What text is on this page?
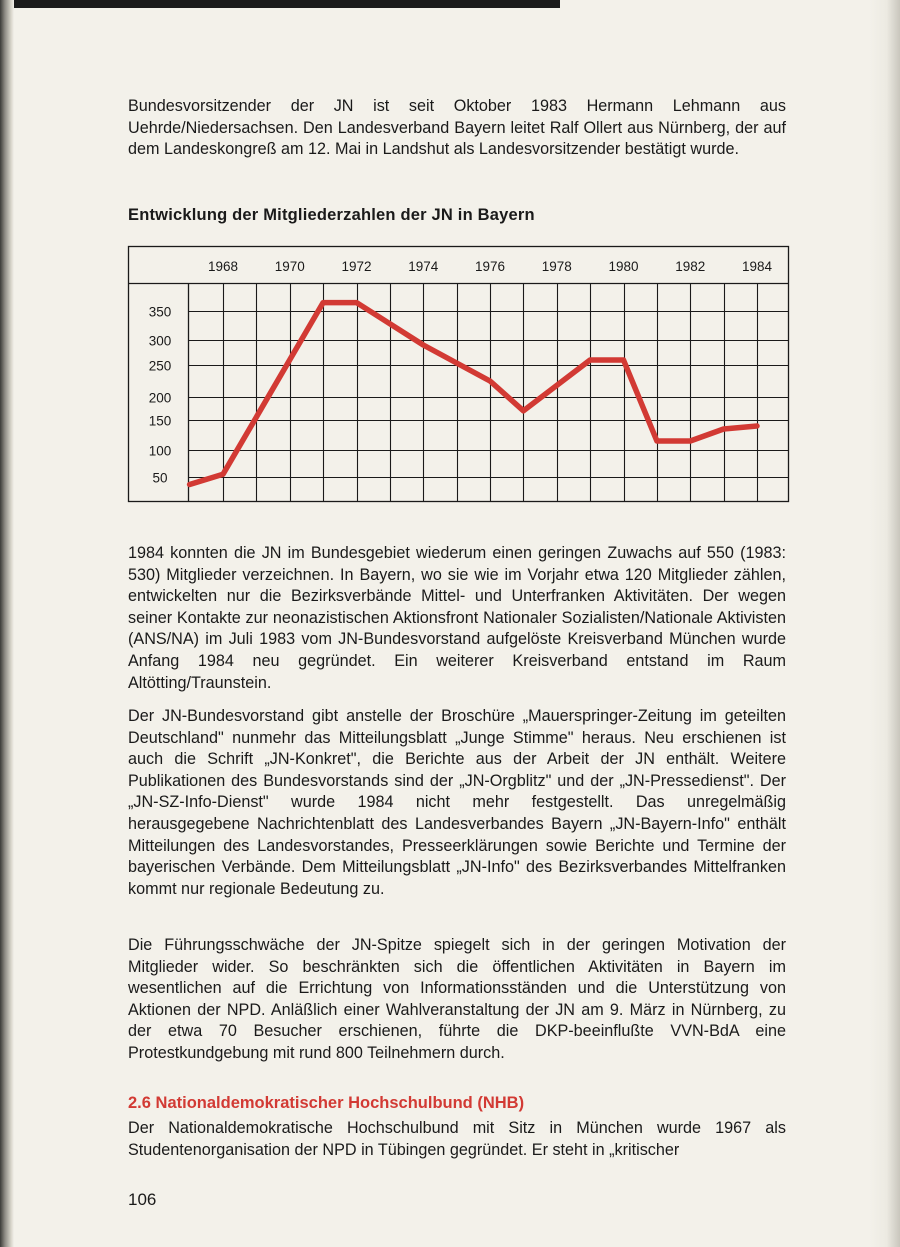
Bundesvorsitzender der JN ist seit Oktober 1983 Hermann Lehmann aus Uehrde/Niedersachsen. Den Landesverband Bayern leitet Ralf Ollert aus Nürnberg, der auf dem Landeskongreß am 12. Mai in Landshut als Landesvorsitzender bestätigt wurde.

Entwicklung der Mitgliederzahlen der JN in Bayern
1968	1970	1972	1974	1976	1978	1980	1982	1984
350
300
250
200
150
100
50

1984 konnten die JN im Bundesgebiet wiederum einen geringen Zuwachs auf 550 (1983: 530) Mitglieder verzeichnen. In Bayern, wo sie wie im Vorjahr etwa 120 Mitglieder zählen, entwickelten nur die Bezirksverbände Mittel- und Unterfranken Aktivitäten. Der wegen seiner Kontakte zur neonazistischen Aktionsfront Nationaler Sozialisten/Nationale Aktivisten (ANS/NA) im Juli 1983 vom JN-Bundesvorstand aufgelöste Kreisverband München wurde Anfang 1984 neu gegründet. Ein weiterer Kreisverband entstand im Raum Altötting/Traunstein.

Der JN-Bundesvorstand gibt anstelle der Broschüre „Mauerspringer-Zeitung im geteilten Deutschland" nunmehr das Mitteilungsblatt „Junge Stimme" heraus. Neu erschienen ist auch die Schrift „JN-Konkret", die Berichte aus der Arbeit der JN enthält. Weitere Publikationen des Bundesvorstands sind der „JN-Orgblitz" und der „JN-Pressedienst". Der „JN-SZ-Info-Dienst" wurde 1984 nicht mehr festgestellt. Das unregelmäßig herausgegebene Nachrichtenblatt des Landesverbandes Bayern „JN-Bayern-Info" enthält Mitteilungen des Landesvorstandes, Presseerklärungen sowie Berichte und Termine der bayerischen Verbände. Dem Mitteilungsblatt „JN-Info" des Bezirksverbandes Mittelfranken kommt nur regionale Bedeutung zu.

Die Führungsschwäche der JN-Spitze spiegelt sich in der geringen Motivation der Mitglieder wider. So beschränkten sich die öffentlichen Aktivitäten in Bayern im wesentlichen auf die Errichtung von Informationsständen und die Unterstützung von Aktionen der NPD. Anläßlich einer Wahlveranstaltung der JN am 9. März in Nürnberg, zu der etwa 70 Besucher erschienen, führte die DKP-beeinflußte VVN-BdA eine Protestkundgebung mit rund 800 Teilnehmern durch.

2.6 Nationaldemokratischer Hochschulbund (NHB)

Der Nationaldemokratische Hochschulbund mit Sitz in München wurde 1967 als Studentenorganisation der NPD in Tübingen gegründet. Er steht in „kritischer

106
